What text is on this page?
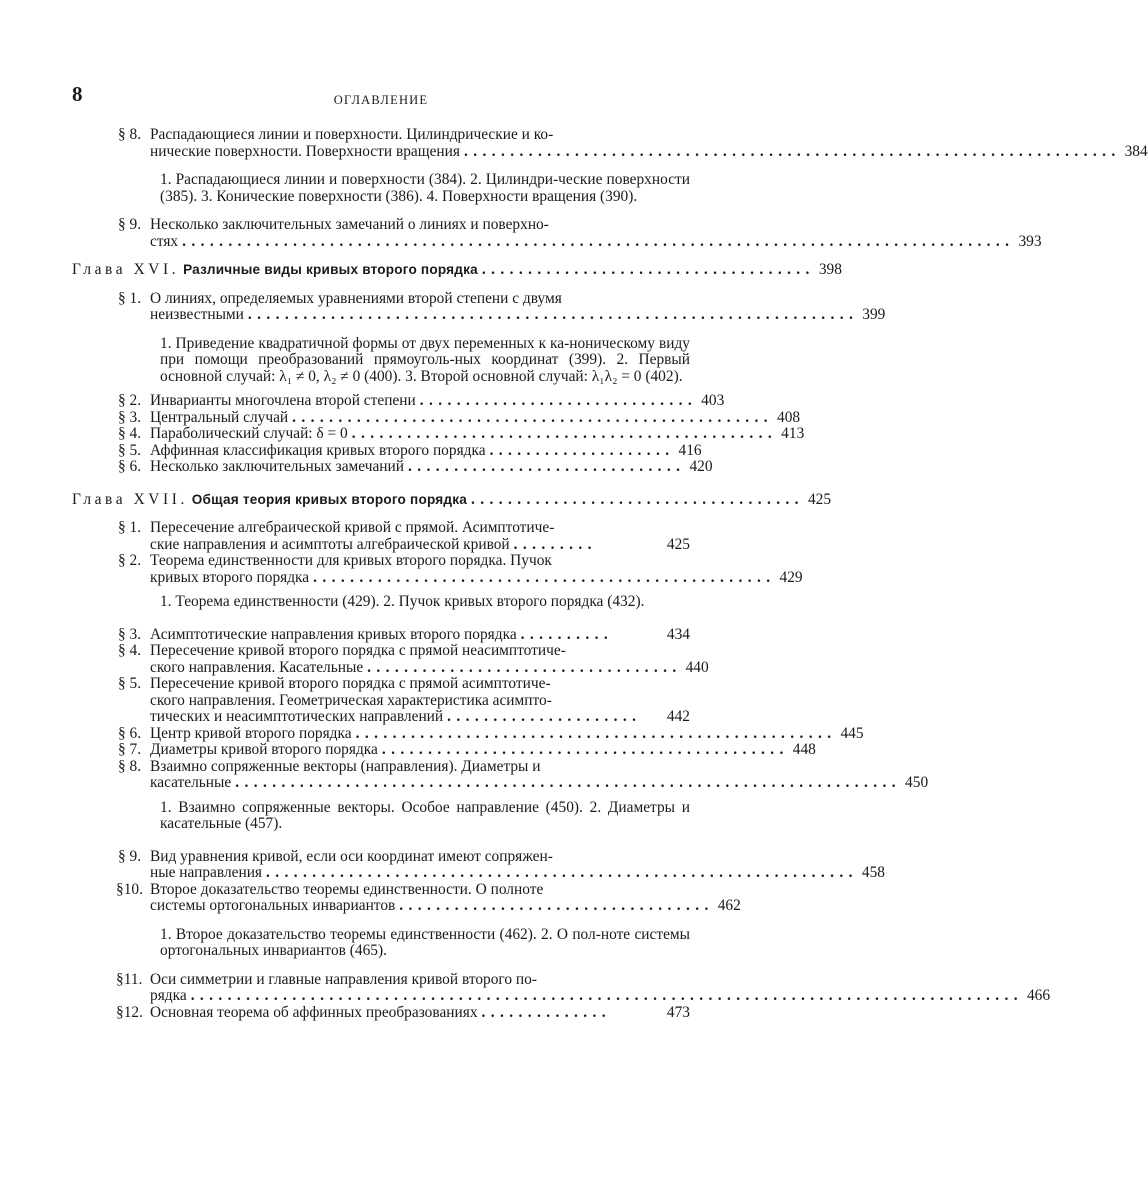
8	ОГЛАВЛЕНИЕ
§ 8. Распадающиеся линии и поверхности. Цилиндрические и ко-
нические поверхности. Поверхности вращения ....................................................................... 384
1. Распадающиеся линии и поверхности (384). 2. Цилиндри-ческие поверхности (385). 3. Конические поверхности (386). 4. Поверхности вращения (390).
§ 9. Несколько заключительных замечаний о линиях и поверхно-
стях .......................................................................................... 393
Глава XVI. Различные виды кривых второго порядка .................................... 398
§ 1. О линиях, определяемых уравнениями второй степени с двумя
неизвестными .................................................................. 399
1. Приведение квадратичной формы от двух переменных к ка-ноническому виду при помощи преобразований прямоуголь-ных координат (399). 2. Первый основной случай: λ₁ ≠ 0, λ₂ ≠ 0 (400). 3. Второй основной случай: λ₁λ₂ = 0 (402).
§ 2. Инварианты многочлена второй степени .............................. 403
§ 3. Центральный случай .................................................... 408
§ 4. Параболический случай: δ = 0 .............................................. 413
§ 5. Аффинная классификация кривых второго порядка .................... 416
§ 6. Несколько заключительных замечаний .............................. 420
Глава XVII. Общая теория кривых второго порядка .................................... 425
§ 1. Пересечение алгебраической кривой с прямой. Асимптотиче-
ские направления и асимптоты алгебраической кривой .........	425
§ 2. Теорема единственности для кривых второго порядка. Пучок
кривых второго порядка .................................................. 429
1. Теорема единственности (429). 2. Пучок кривых второго порядка (432).
§ 3. Асимптотические направления кривых второго порядка ..........	434
§ 4. Пересечение кривой второго порядка с прямой неасимптотиче-
ского направления. Касательные .................................. 440
§ 5. Пересечение кривой второго порядка с прямой асимптотиче-
ского направления. Геометрическая характеристика асимпто-
тических и неасимптотических направлений .....................	442
§ 6. Центр кривой второго порядка .................................................... 445
§ 7. Диаметры кривой второго порядка ............................................ 448
§ 8. Взаимно сопряженные векторы (направления). Диаметры и
касательные ........................................................................ 450
1. Взаимно сопряженные векторы. Особое направление (450). 2. Диаметры и касательные (457).
§ 9. Вид уравнения кривой, если оси координат имеют сопряжен-
ные направления ................................................................ 458
§10. Второе доказательство теоремы единственности. О полноте
системы ортогональных инвариантов .................................. 462
1. Второе доказательство теоремы единственности (462). 2. О пол-ноте системы ортогональных инвариантов (465).
§11. Оси симметрии и главные направления кривой второго по-
рядка .......................................................................................... 466
§12. Основная теорема об аффинных преобразованиях ..............	473
